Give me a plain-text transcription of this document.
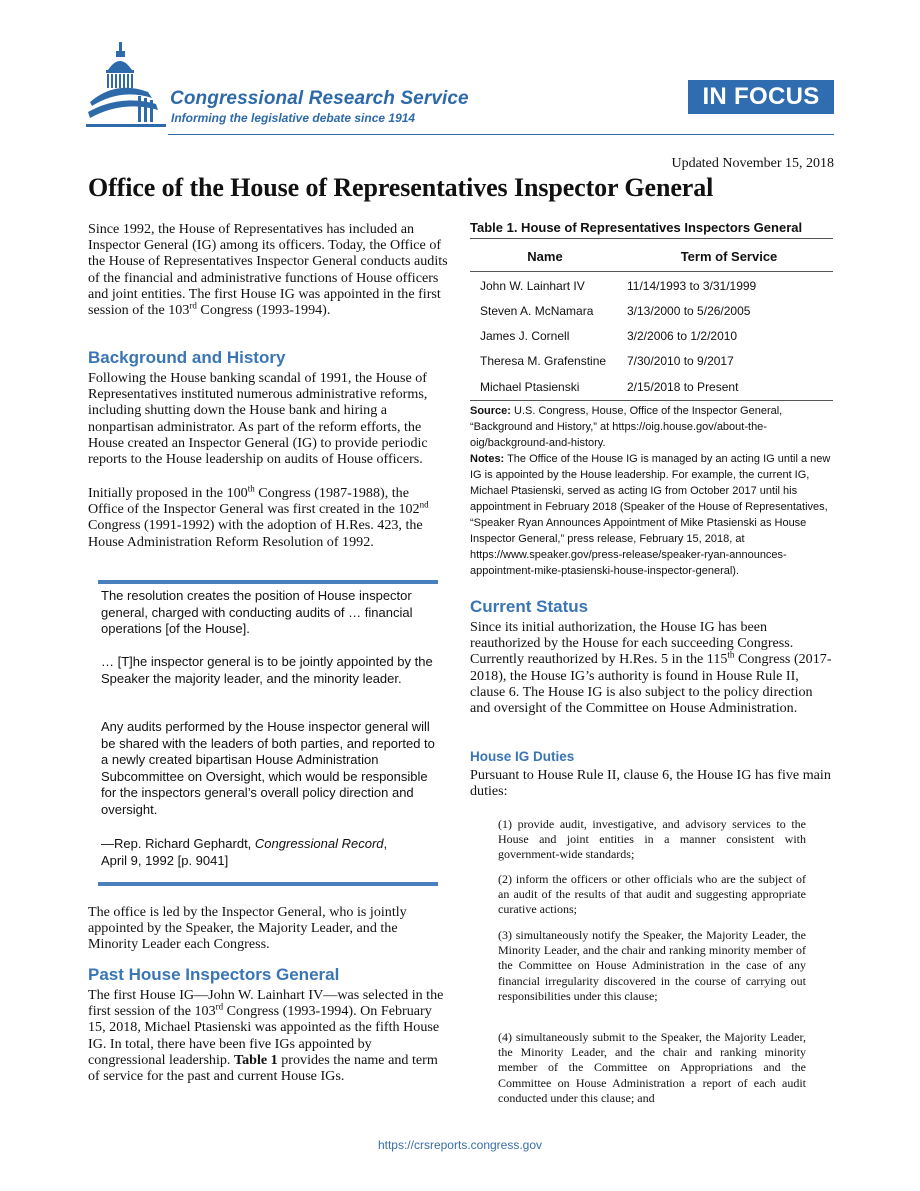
Congressional Research Service
Informing the legislative debate since 1914
IN FOCUS
Updated November 15, 2018
Office of the House of Representatives Inspector General
Since 1992, the House of Representatives has included an Inspector General (IG) among its officers. Today, the Office of the House of Representatives Inspector General conducts audits of the financial and administrative functions of House officers and joint entities. The first House IG was appointed in the first session of the 103rd Congress (1993-1994).
Background and History
Following the House banking scandal of 1991, the House of Representatives instituted numerous administrative reforms, including shutting down the House bank and hiring a nonpartisan administrator. As part of the reform efforts, the House created an Inspector General (IG) to provide periodic reports to the House leadership on audits of House officers.
Initially proposed in the 100th Congress (1987-1988), the Office of the Inspector General was first created in the 102nd Congress (1991-1992) with the adoption of H.Res. 423, the House Administration Reform Resolution of 1992.
The resolution creates the position of House inspector general, charged with conducting audits of … financial operations [of the House].
… [T]he inspector general is to be jointly appointed by the Speaker the majority leader, and the minority leader.
Any audits performed by the House inspector general will be shared with the leaders of both parties, and reported to a newly created bipartisan House Administration Subcommittee on Oversight, which would be responsible for the inspectors general’s overall policy direction and oversight.
—Rep. Richard Gephardt, Congressional Record,
April 9, 1992 [p. 9041]
The office is led by the Inspector General, who is jointly appointed by the Speaker, the Majority Leader, and the Minority Leader each Congress.
Past House Inspectors General
The first House IG—John W. Lainhart IV—was selected in the first session of the 103rd Congress (1993-1994). On February 15, 2018, Michael Ptasienski was appointed as the fifth House IG. In total, there have been five IGs appointed by congressional leadership. Table 1 provides the name and term of service for the past and current House IGs.
Table 1. House of Representatives Inspectors General
Name	Term of Service
John W. Lainhart IV	11/14/1993 to 3/31/1999
Steven A. McNamara	3/13/2000 to 5/26/2005
James J. Cornell	3/2/2006 to 1/2/2010
Theresa M. Grafenstine 7/30/2010 to 9/2017
Michael Ptasienski	2/15/2018 to Present
Source: U.S. Congress, House, Office of the Inspector General, “Background and History,” at https://oig.house.gov/about-the-oig/background-and-history.
Notes: The Office of the House IG is managed by an acting IG until a new IG is appointed by the House leadership. For example, the current IG, Michael Ptasienski, served as acting IG from October 2017 until his appointment in February 2018 (Speaker of the House of Representatives, “Speaker Ryan Announces Appointment of Mike Ptasienski as House Inspector General,” press release, February 15, 2018, at https://www.speaker.gov/press-release/speaker-ryan-announces-appointment-mike-ptasienski-house-inspector-general).
Current Status
Since its initial authorization, the House IG has been reauthorized by the House for each succeeding Congress. Currently reauthorized by H.Res. 5 in the 115th Congress (2017-2018), the House IG’s authority is found in House Rule II, clause 6. The House IG is also subject to the policy direction and oversight of the Committee on House Administration.
House IG Duties
Pursuant to House Rule II, clause 6, the House IG has five main duties:
(1) provide audit, investigative, and advisory services to the House and joint entities in a manner consistent with government-wide standards;
(2) inform the officers or other officials who are the subject of an audit of the results of that audit and suggesting appropriate curative actions;
(3) simultaneously notify the Speaker, the Majority Leader, the Minority Leader, and the chair and ranking minority member of the Committee on House Administration in the case of any financial irregularity discovered in the course of carrying out responsibilities under this clause;
(4) simultaneously submit to the Speaker, the Majority Leader, the Minority Leader, and the chair and ranking minority member of the Committee on Appropriations and the Committee on House Administration a report of each audit conducted under this clause; and
https://crsreports.congress.gov
